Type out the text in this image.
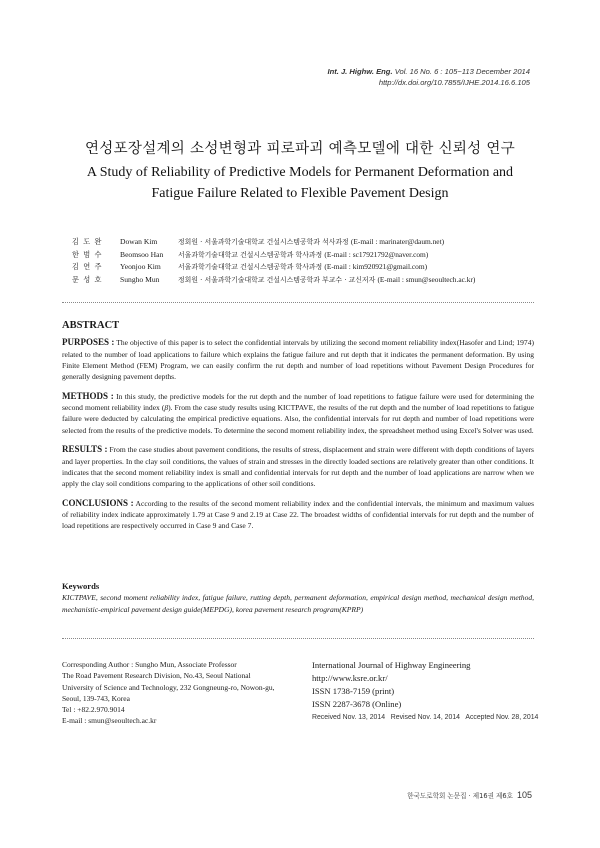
Int. J. Highw. Eng. Vol. 16 No. 6 : 105~113 December 2014
http://dx.doi.org/10.7855/IJHE.2014.16.6.105
연성포장설계의 소성변형과 피로파괴 예측모델에 대한 신뢰성 연구
A Study of Reliability of Predictive Models for Permanent Deformation and
Fatigue Failure Related to Flexible Pavement Design
김 도 완	Dowan Kim	정회원 · 서울과학기술대학교 건설시스템공학과 석사과정 (E-mail : marinater@daum.net)
한 범 수	Beomsoo Han	서울과학기술대학교 건설시스템공학과 학사과정 (E-mail : sc17921792@naver.com)
김 연 주	Yeonjoo Kim	서울과학기술대학교 건설시스템공학과 학사과정 (E-mail : kim920921@gmail.com)
문 성 호	Sungho Mun	정회원 · 서울과학기술대학교 건설시스템공학과 부교수 · 교신저자 (E-mail : smun@seoultech.ac.kr)
ABSTRACT

PURPOSES : The objective of this paper is to select the confidential intervals by utilizing the second moment reliability index(Hasofer and Lind; 1974) related to the number of load applications to failure which explains the fatigue failure and rut depth that it indicates the permanent deformation. By using Finite Element Method (FEM) Program, we can easily confirm the rut depth and number of load repetitions without Pavement Design Procedures for generally designing pavement depths.

METHODS : In this study, the predictive models for the rut depth and the number of load repetitions to fatigue failure were used for determining the second moment reliability index (β). From the case study results using KICTPAVE, the results of the rut depth and the number of load repetitions to fatigue failure were deducted by calculating the empirical predictive equations. Also, the confidential intervals for rut depth and number of load repetitions were selected from the results of the predictive models. To determine the second moment reliability index, the spreadsheet method using Excel's Solver was used.

RESULTS : From the case studies about pavement conditions, the results of stress, displacement and strain were different with depth conditions of layers and layer properties. In the clay soil conditions, the values of strain and stresses in the directly loaded sections are relatively greater than other conditions. It indicates that the second moment reliability index is small and confidential intervals for rut depth and the number of load applications are narrow when we apply the clay soil conditions comparing to the applications of other soil conditions.

CONCLUSIONS : According to the results of the second moment reliability index and the confidential intervals, the minimum and maximum values of reliability index indicate approximately 1.79 at Case 9 and 2.19 at Case 22. The broadest widths of confidential intervals for rut depth and the number of load repetitions are respectively occurred in Case 9 and Case 7.

Keywords

KICTPAVE, second moment reliability index, fatigue failure, rutting depth, permanent deformation, empirical design method, mechanical design method, mechanistic-empirical pavement design guide(MEPDG), korea pavement research program(KPRP)

Corresponding Author : Sungho Mun, Associate Professor
The Road Pavement Research Division, No.43, Seoul National
University of Science and Technology, 232 Gongneung-ro, Nowon-gu,
Seoul, 139-743, Korea
Tel : +82.2.970.9014
E-mail : smun@seoultech.ac.kr
International Journal of Highway Engineering
http://www.ksre.or.kr/
ISSN 1738-7159 (print)
ISSN 2287-3678 (Online)
Received Nov. 13, 2014   Revised Nov. 14, 2014   Accepted Nov. 28, 2014
한국도로학회 논문집 · 제16권 제6호 105
